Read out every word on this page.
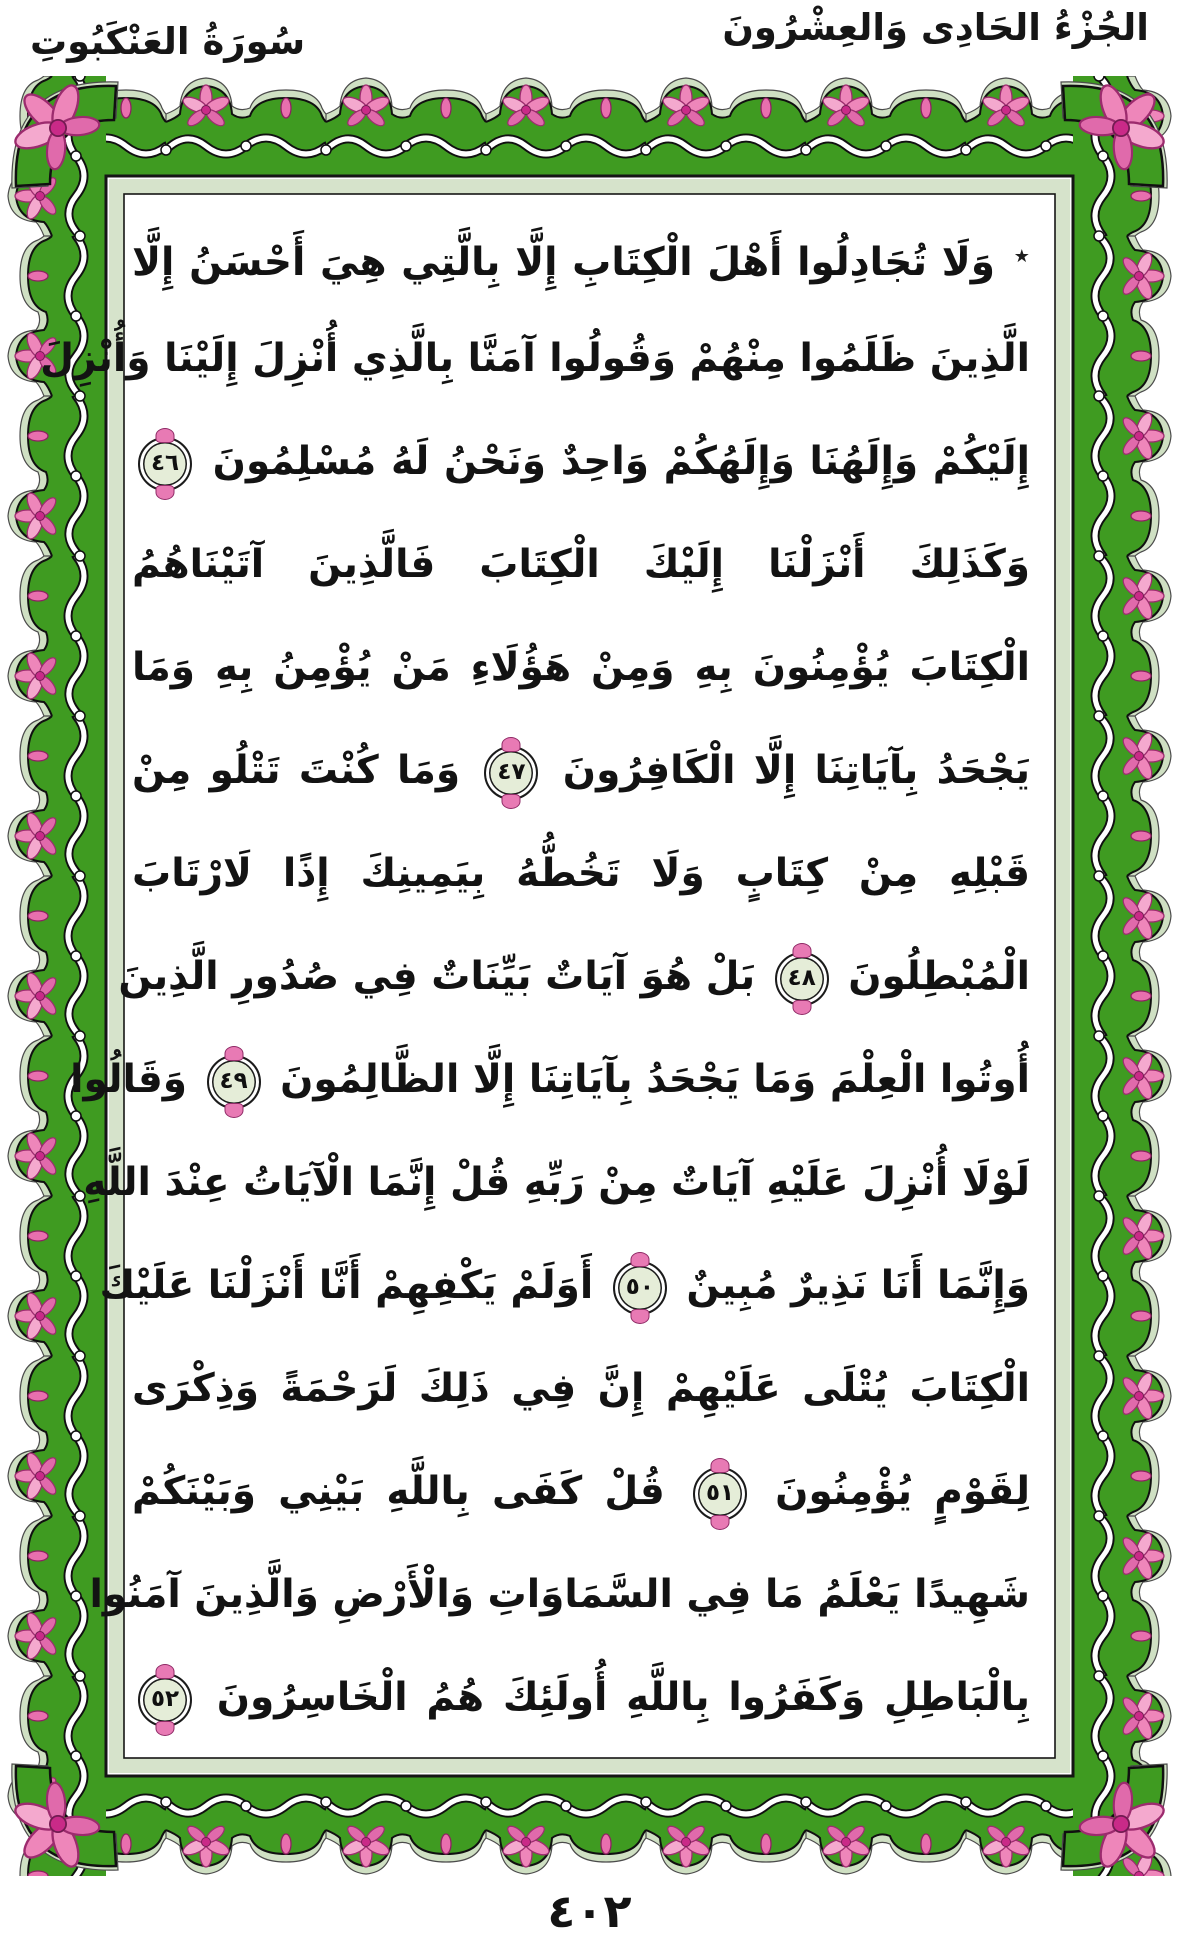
الجُزْءُ الحَادِى وَالعِشْرُونَ
سُورَةُ العَنْكَبُوتِ
٭ وَلَا تُجَادِلُوا أَهْلَ الْكِتَابِ إِلَّا بِالَّتِي هِيَ أَحْسَنُ إِلَّا
الَّذِينَ ظَلَمُوا مِنْهُمْ وَقُولُوا آمَنَّا بِالَّذِي أُنْزِلَ إِلَيْنَا وَأُنْزِلَ
إِلَيْكُمْ وَإِلَهُنَا وَإِلَهُكُمْ وَاحِدٌ وَنَحْنُ لَهُ مُسْلِمُونَ
٤٦
وَكَذَلِكَ أَنْزَلْنَا إِلَيْكَ الْكِتَابَ فَالَّذِينَ آتَيْنَاهُمُ
الْكِتَابَ يُؤْمِنُونَ بِهِ وَمِنْ هَؤُلَاءِ مَنْ يُؤْمِنُ بِهِ وَمَا
يَجْحَدُ بِآيَاتِنَا إِلَّا الْكَافِرُونَ
٤٧
وَمَا كُنْتَ تَتْلُو مِنْ
قَبْلِهِ مِنْ كِتَابٍ وَلَا تَخُطُّهُ بِيَمِينِكَ إِذًا لَارْتَابَ
الْمُبْطِلُونَ
٤٨
بَلْ هُوَ آيَاتٌ بَيِّنَاتٌ فِي صُدُورِ الَّذِينَ
أُوتُوا الْعِلْمَ وَمَا يَجْحَدُ بِآيَاتِنَا إِلَّا الظَّالِمُونَ
٤٩
وَقَالُوا
لَوْلَا أُنْزِلَ عَلَيْهِ آيَاتٌ مِنْ رَبِّهِ قُلْ إِنَّمَا الْآيَاتُ عِنْدَ اللَّهِ
وَإِنَّمَا أَنَا نَذِيرٌ مُبِينٌ
٥٠
أَوَلَمْ يَكْفِهِمْ أَنَّا أَنْزَلْنَا عَلَيْكَ
الْكِتَابَ يُتْلَى عَلَيْهِمْ إِنَّ فِي ذَلِكَ لَرَحْمَةً وَذِكْرَى
لِقَوْمٍ يُؤْمِنُونَ
٥١
قُلْ كَفَى بِاللَّهِ بَيْنِي وَبَيْنَكُمْ
شَهِيدًا يَعْلَمُ مَا فِي السَّمَاوَاتِ وَالْأَرْضِ وَالَّذِينَ آمَنُوا
بِالْبَاطِلِ وَكَفَرُوا بِاللَّهِ أُولَئِكَ هُمُ الْخَاسِرُونَ
٥٢
٤٠٢
